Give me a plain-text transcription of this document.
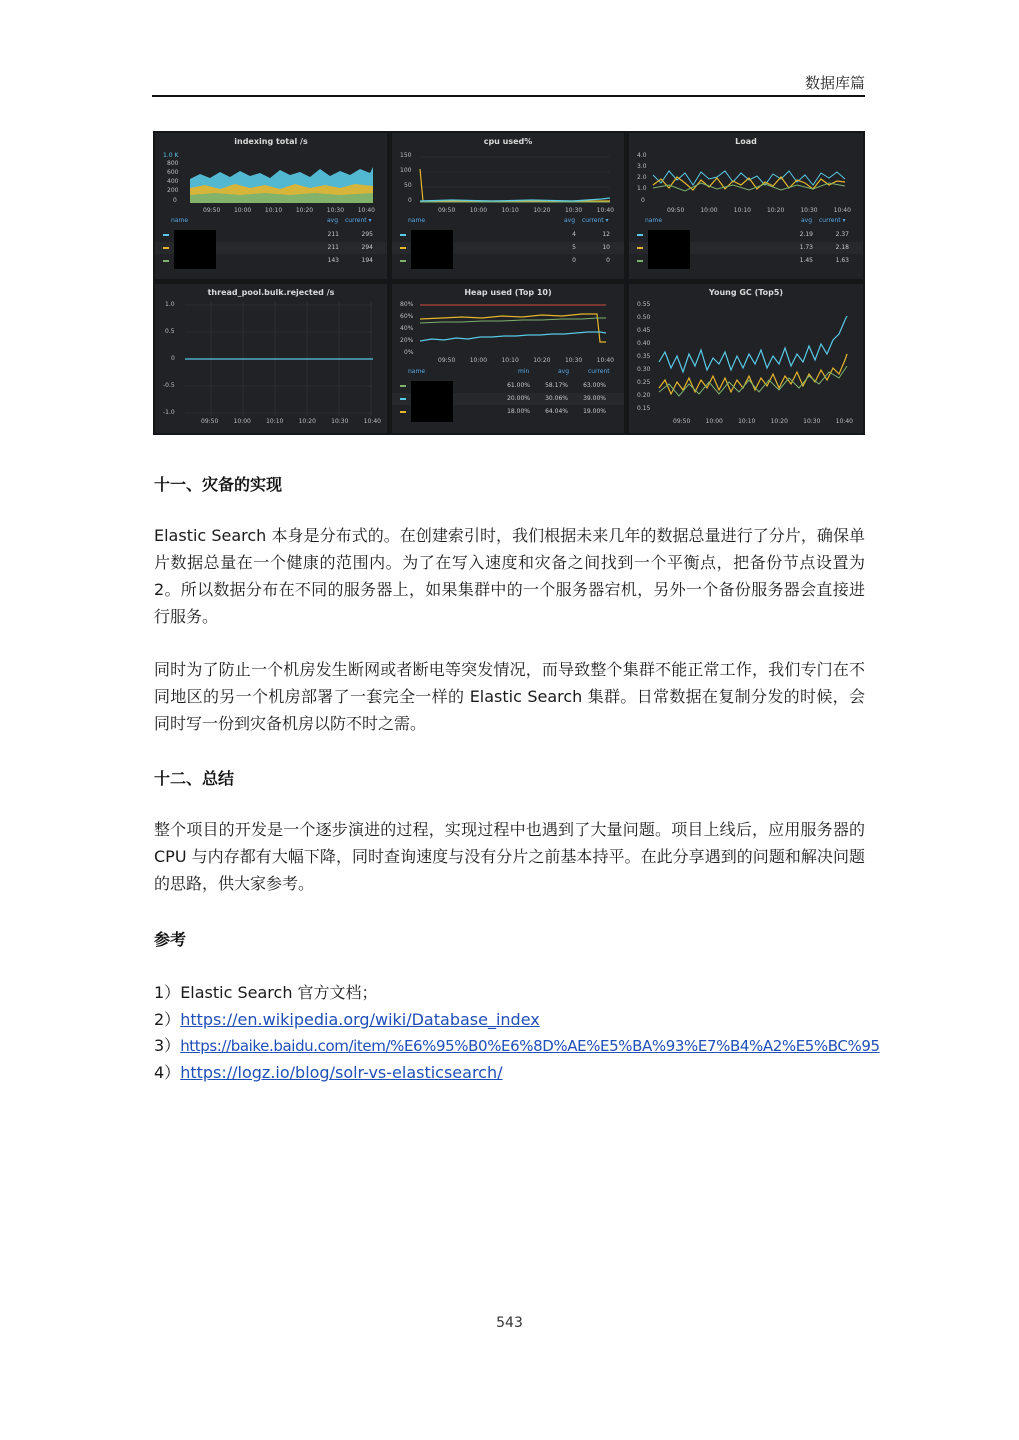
数据库篇
indexing total /s
1.0 K
800
600
400
200
0
09:50 10:00 10:10 10:20 10:30 10:40
name	avg current ▾
211	295
211	294
143	194
cpu used%
150
100
50
0
09:50 10:00 10:10 10:20 10:30 10:40
name	avg current ▾
4	12
5	10
0	0
Load
4.0
3.0
2.0
1.0
0
09:50	10:00	10:10	10:20	10:30	10:40
name	avg current ▾
2.19	2.37
1.73	2.18
1.45	1.63
thread_pool.bulk.rejected /s
1.0
0.5
0
-0.5
-1.0
09:50	10:00	10:10	10:20	10:30	10:40
Heap used (Top 10)
80%
60%
40%
20%
0%
09:50 10:00 10:10 10:20 10:30 10:40
name	min	avg	current
61.00%	58.17%	63.00%
20.00%	30.06%	39.00%
18.00%	64.04%	19.00%
Young GC (Top5)
0.55
0.50
0.45
0.40
0.35
0.30
0.25
0.20
0.15
09:50	10:00	10:10	10:20	10:30	10:40
十一、灾备的实现

Elastic Search 本身是分布式的。在创建索引时，我们根据未来几年的数据总量进行了分片，确保单片数据总量在一个健康的范围内。为了在写入速度和灾备之间找到一个平衡点，把备份节点设置为 2。所以数据分布在不同的服务器上，如果集群中的一个服务器宕机，另外一个备份服务器会直接进行服务。

同时为了防止一个机房发生断网或者断电等突发情况，而导致整个集群不能正常工作，我们专门在不同地区的另一个机房部署了一套完全一样的 Elastic Search 集群。日常数据在复制分发的时候，会同时写一份到灾备机房以防不时之需。

十二、总结

整个项目的开发是一个逐步演进的过程，实现过程中也遇到了大量问题。项目上线后，应用服务器的 CPU 与内存都有大幅下降，同时查询速度与没有分片之前基本持平。在此分享遇到的问题和解决问题的思路，供大家参考。

参考
1）Elastic Search 官方文档；
2）https://en.wikipedia.org/wiki/Database_index
3）https://baike.baidu.com/item/%E6%95%B0%E6%8D%AE%E5%BA%93%E7%B4%A2%E5%BC%95
4）https://logz.io/blog/solr-vs-elasticsearch/
543
